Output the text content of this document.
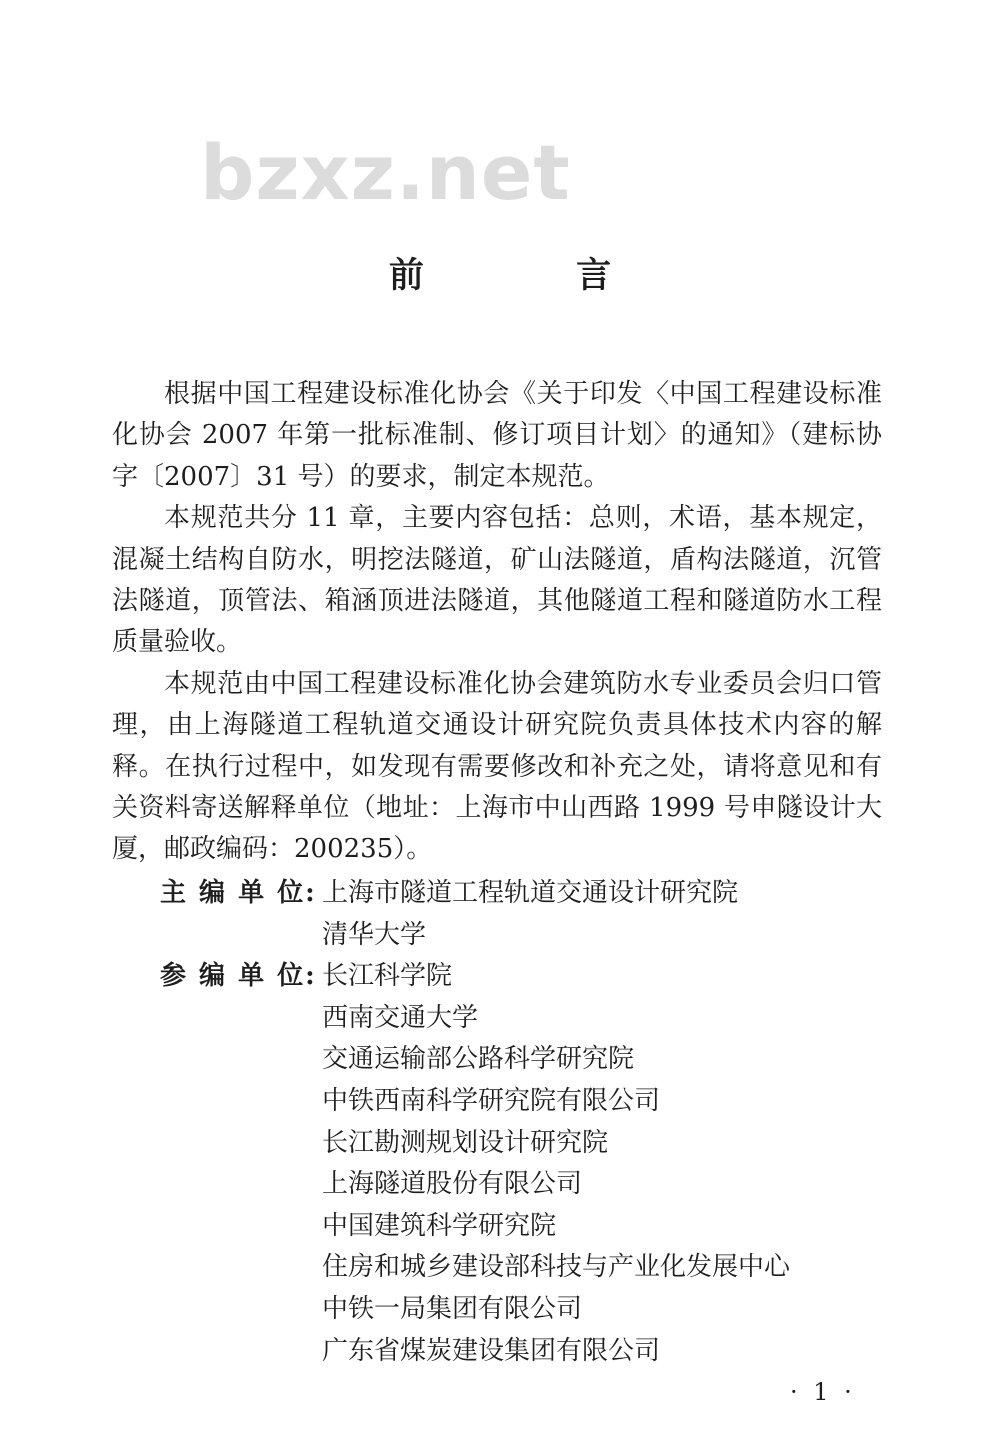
bzxz.net
前 言

根据中国工程建设标准化协会《关于印发〈中国工程建设标准化协会 2007 年第一批标准制、修订项目计划〉的通知》（建标协字〔2007〕31 号）的要求，制定本规范。

本规范共分 11 章，主要内容包括：总则，术语，基本规定，混凝土结构自防水，明挖法隧道，矿山法隧道，盾构法隧道，沉管法隧道，顶管法、箱涵顶进法隧道，其他隧道工程和隧道防水工程质量验收。

本规范由中国工程建设标准化协会建筑防水专业委员会归口管理，由上海隧道工程轨道交通设计研究院负责具体技术内容的解释。在执行过程中，如发现有需要修改和补充之处，请将意见和有关资料寄送解释单位（地址：上海市中山西路 1999 号申隧设计大厦，邮政编码：200235）。

主 编 单 位: 上海市隧道工程轨道交通设计研究院
清华大学
参 编 单 位: 长江科学院
西南交通大学
交通运输部公路科学研究院
中铁西南科学研究院有限公司
长江勘测规划设计研究院
上海隧道股份有限公司
中国建筑科学研究院
住房和城乡建设部科技与产业化发展中心
中铁一局集团有限公司
广东省煤炭建设集团有限公司
· 1 ·
